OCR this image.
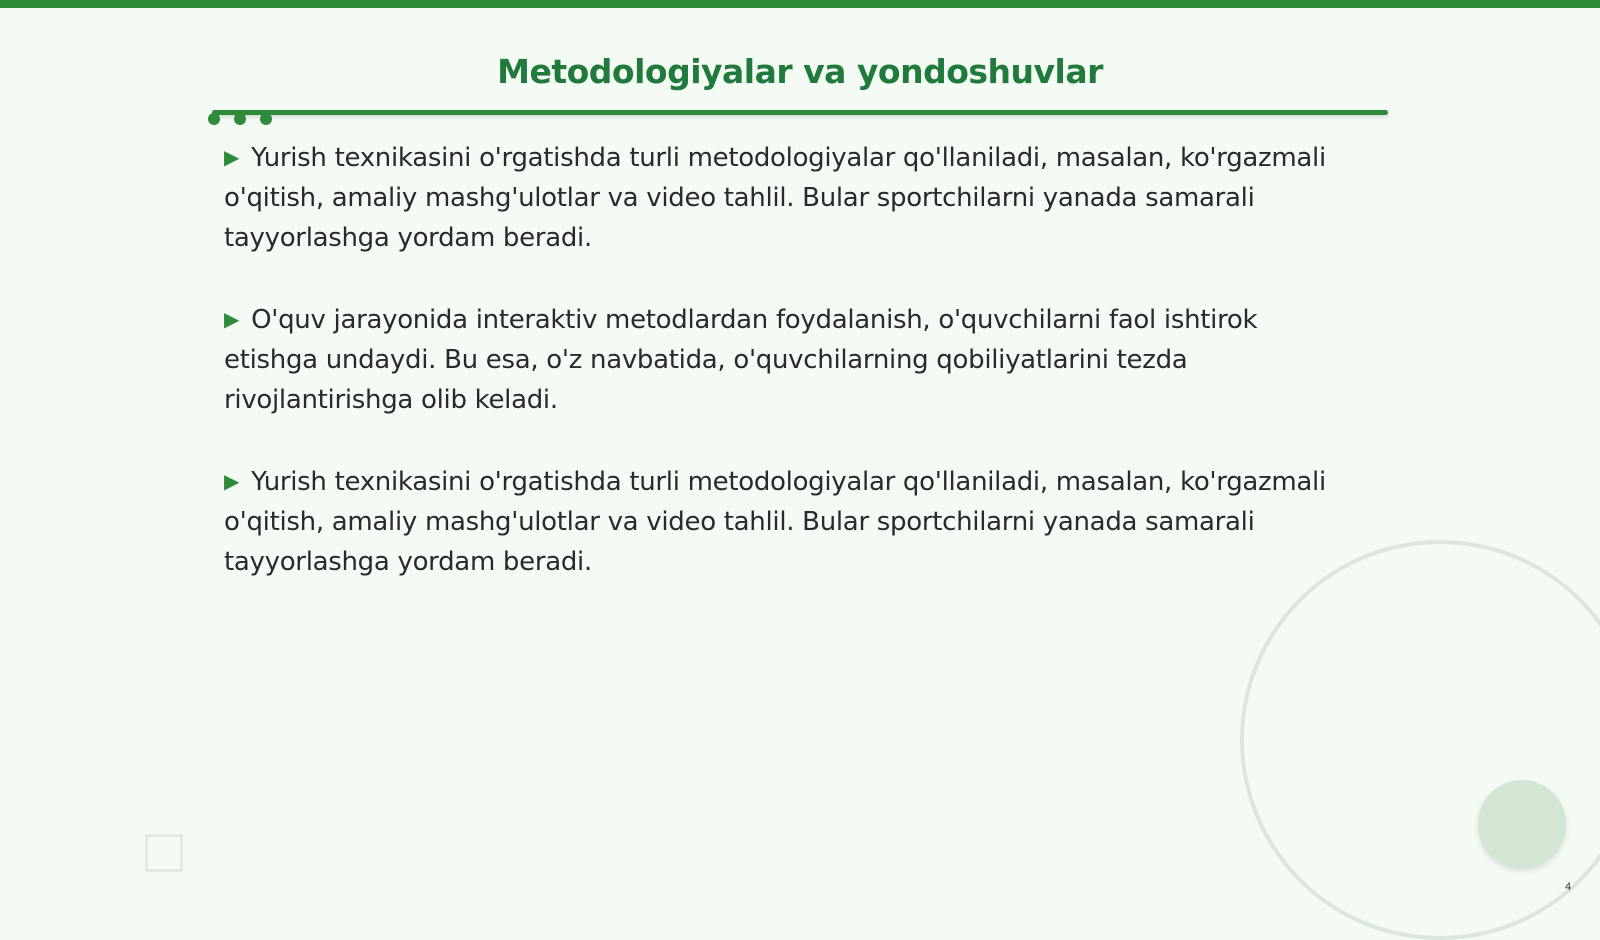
Metodologiyalar va yondoshuvlar

▶ Yurish texnikasini o'rgatishda turli metodologiyalar qo'llaniladi, masalan, ko'rgazmali o'qitish, amaliy mashg'ulotlar va video tahlil. Bular sportchilarni yanada samarali tayyorlashga yordam beradi.

▶ O'quv jarayonida interaktiv metodlardan foydalanish, o'quvchilarni faol ishtirok etishga undaydi. Bu esa, o'z navbatida, o'quvchilarning qobiliyatlarini tezda rivojlantirishga olib keladi.

▶ Yurish texnikasini o'rgatishda turli metodologiyalar qo'llaniladi, masalan, ko'rgazmali o'qitish, amaliy mashg'ulotlar va video tahlil. Bular sportchilarni yanada samarali tayyorlashga yordam beradi.

4
